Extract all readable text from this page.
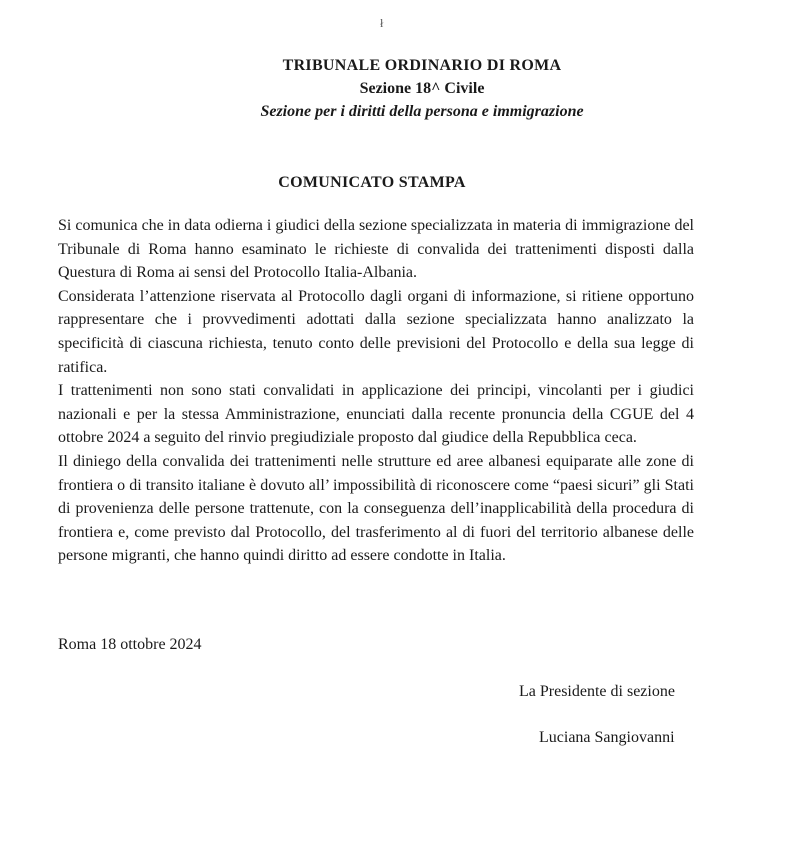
ł
TRIBUNALE ORDINARIO DI ROMA
Sezione 18^ Civile
Sezione per i diritti della persona e immigrazione
COMUNICATO STAMPA

Si comunica che in data odierna i giudici della sezione specializzata in materia di immigrazione del Tribunale di Roma hanno esaminato le richieste di convalida dei trattenimenti disposti dalla Questura di Roma ai sensi del Protocollo Italia-Albania.

Considerata l’attenzione riservata al Protocollo dagli organi di informazione, si ritiene opportuno rappresentare che i provvedimenti adottati dalla sezione specializzata hanno analizzato la specificità di ciascuna richiesta, tenuto conto delle previsioni del Protocollo e della sua legge di ratifica.

I trattenimenti non sono stati convalidati in applicazione dei principi, vincolanti per i giudici nazionali e per la stessa Amministrazione, enunciati dalla recente pronuncia della CGUE del 4 ottobre 2024 a seguito del rinvio pregiudiziale proposto dal giudice della Repubblica ceca.

Il diniego della convalida dei trattenimenti nelle strutture ed aree albanesi equiparate alle zone di frontiera o di transito italiane è dovuto all’ impossibilità di riconoscere come “paesi sicuri” gli Stati di provenienza delle persone trattenute, con la conseguenza dell’inapplicabilità della procedura di frontiera e, come previsto dal Protocollo, del trasferimento al di fuori del territorio albanese delle persone migranti, che hanno quindi diritto ad essere condotte in Italia.

Roma 18 ottobre 2024
La Presidente di sezione
Luciana Sangiovanni
